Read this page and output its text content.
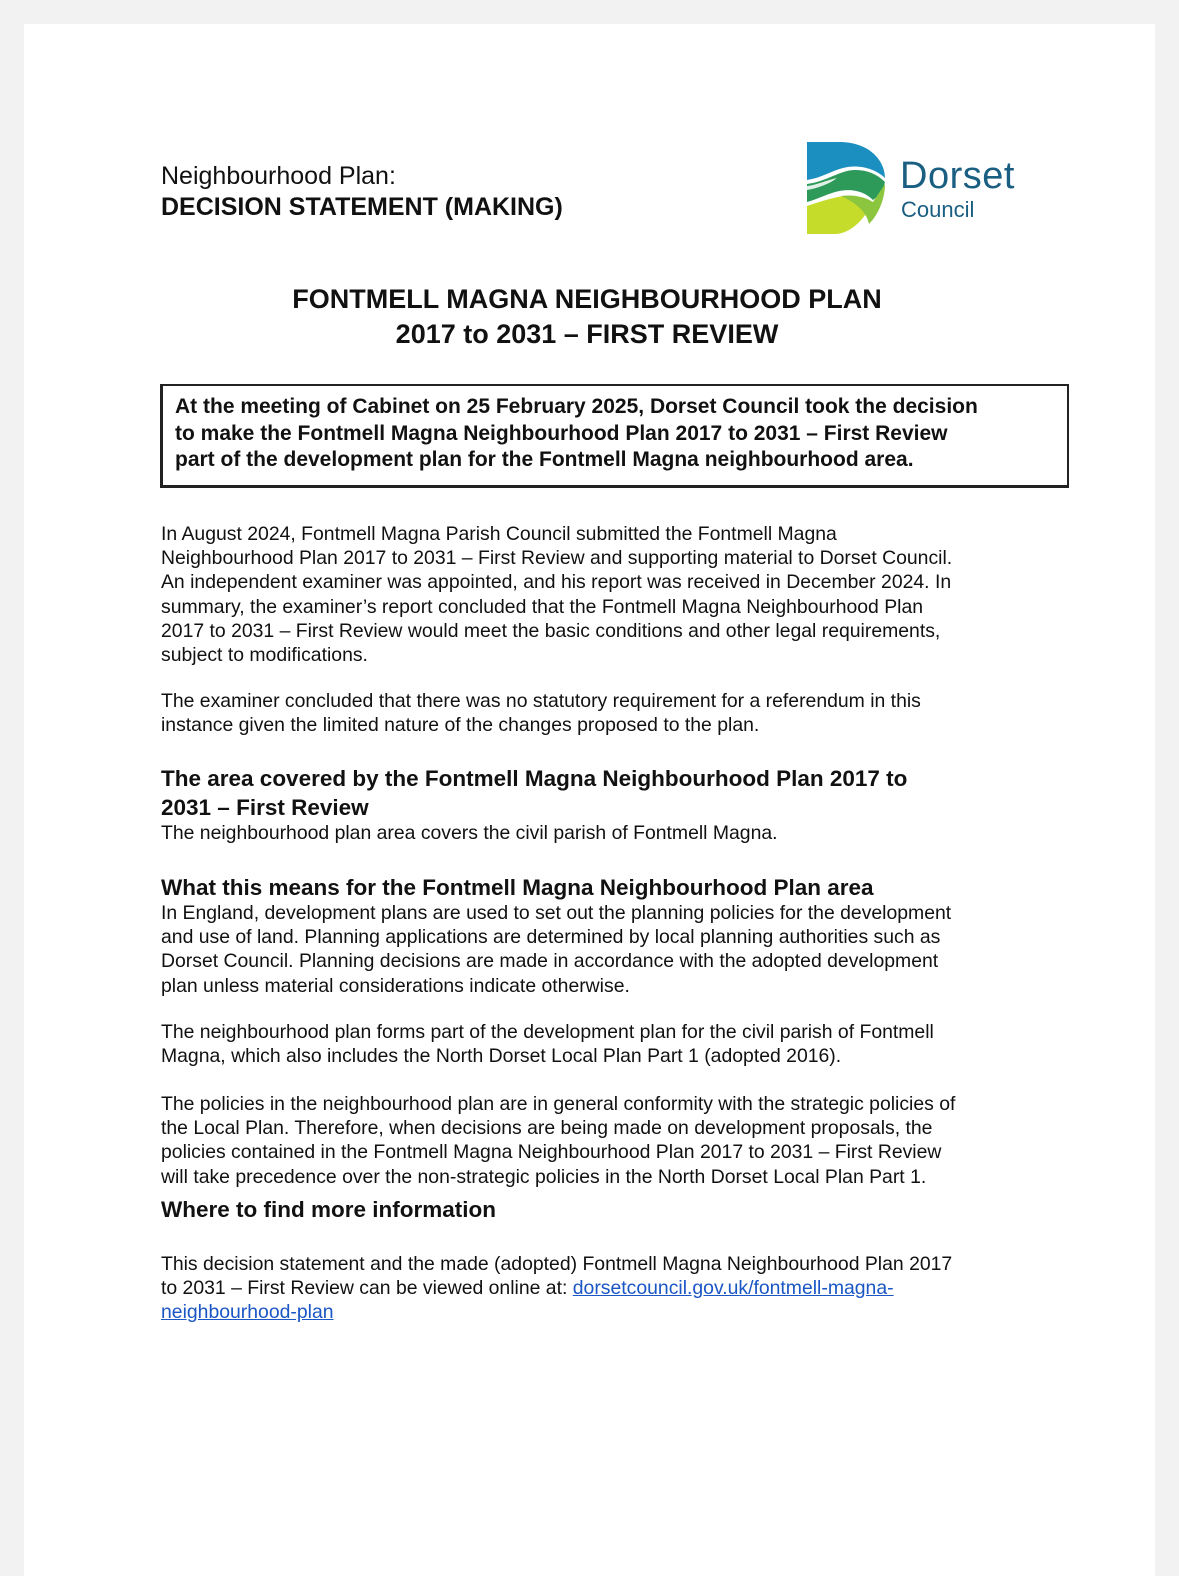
Neighbourhood Plan:
DECISION STATEMENT (MAKING)
Dorset
Council
FONTMELL MAGNA NEIGHBOURHOOD PLAN
2017 to 2031 – FIRST REVIEW
At the meeting of Cabinet on 25 February 2025, Dorset Council took the decision
to make the Fontmell Magna Neighbourhood Plan 2017 to 2031 – First Review
part of the development plan for the Fontmell Magna neighbourhood area.
In August 2024, Fontmell Magna Parish Council submitted the Fontmell Magna
Neighbourhood Plan 2017 to 2031 – First Review and supporting material to Dorset Council.
An independent examiner was appointed, and his report was received in December 2024. In
summary, the examiner’s report concluded that the Fontmell Magna Neighbourhood Plan
2017 to 2031 – First Review would meet the basic conditions and other legal requirements,
subject to modifications.
The examiner concluded that there was no statutory requirement for a referendum in this
instance given the limited nature of the changes proposed to the plan.
The area covered by the Fontmell Magna Neighbourhood Plan 2017 to
2031 – First Review
The neighbourhood plan area covers the civil parish of Fontmell Magna.
What this means for the Fontmell Magna Neighbourhood Plan area
In England, development plans are used to set out the planning policies for the development
and use of land. Planning applications are determined by local planning authorities such as
Dorset Council. Planning decisions are made in accordance with the adopted development
plan unless material considerations indicate otherwise.
The neighbourhood plan forms part of the development plan for the civil parish of Fontmell
Magna, which also includes the North Dorset Local Plan Part 1 (adopted 2016).
The policies in the neighbourhood plan are in general conformity with the strategic policies of
the Local Plan. Therefore, when decisions are being made on development proposals, the
policies contained in the Fontmell Magna Neighbourhood Plan 2017 to 2031 – First Review
will take precedence over the non-strategic policies in the North Dorset Local Plan Part 1.
Where to find more information
This decision statement and the made (adopted) Fontmell Magna Neighbourhood Plan 2017
to 2031 – First Review can be viewed online at: dorsetcouncil.gov.uk/fontmell-magna-
neighbourhood-plan
